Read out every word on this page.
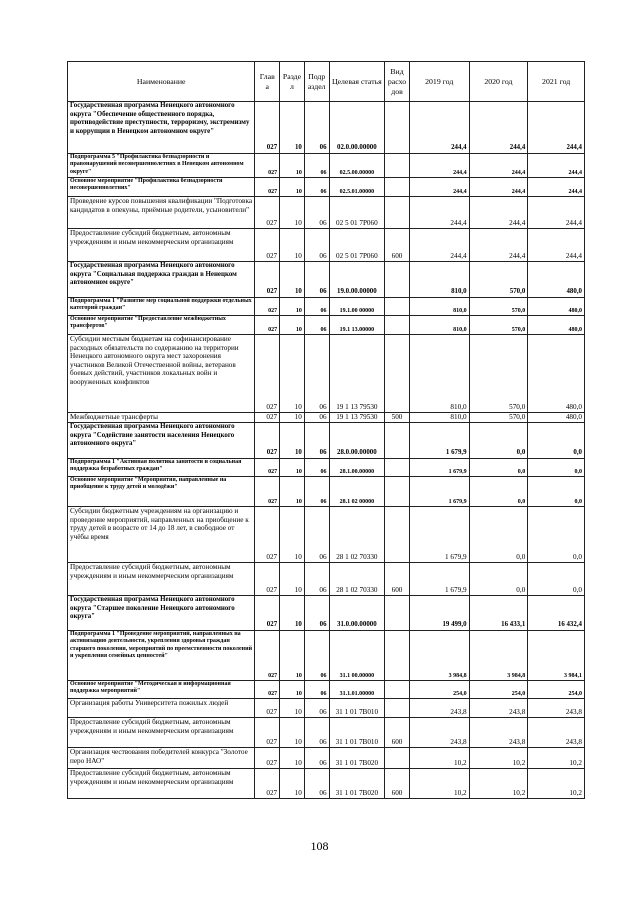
Наименование	Глав а	Разде л	Подр аздел	Целевая статья	Вид расхо дов	2019 год	2020 год	2021 год
Государственная программа Ненецкого автономного округа "Обеспечение общественного порядка, противодействие преступности, терроризму, экстремизму и коррупции в Ненецком автономном округе"	027	10	06	02.0.00.00000		244,4	244,4	244,4
Подпрограмма 5 "Профилактика безнадзорности и правонарушений несовершеннолетних в Ненецком автономном округе"	027	10	06	02.5.00.00000		244,4	244,4	244,4
Основное мероприятие "Профилактика безнадзорности несовершеннолетних"	027	10	06	02.5.01.00000		244,4	244,4	244,4
Проведение курсов повышения квалификации "Подготовка кандидатов в опекуны, приёмные родители, усыновители"	027	10	06	02 5 01 7Р060		244,4	244,4	244,4
Предоставление субсидий бюджетным, автономным учреждениям и иным некоммерческим организациям	027	10	06	02 5 01 7Р060	600	244,4	244,4	244,4
Государственная программа Ненецкого автономного округа "Социальная поддержка граждан в Ненецком автономном округе"	027	10	06	19.0.00.00000		810,0	570,0	480,0
Подпрограмма 1 "Развитие мер социальной поддержки отдельных категорий граждан"	027	10	06	19.1.00 00000		810,0	570,0	480,0
Основное мероприятие "Предоставление межбюджетных трансфертов"	027	10	06	19.1 13.00000		810,0	570,0	480,0
Субсидии местным бюджетам на софинансирование расходных обязательств по содержанию на территории Ненецкого автономного округа мест захоронения участников Великой Отечественной войны, ветеранов боевых действий, участников локальных войн и вооруженных конфликтов	027	10	06	19 1 13 79530		810,0	570,0	480,0
Межбюджетные трансферты	027	10	06	19 1 13 79530	500	810,0	570,0	480,0
Государственная программа Ненецкого автономного округа "Содействие занятости населения Ненецкого автономного округа"	027	10	06	28.0.00.00000		1 679,9	0,0	0,0
Подпрограмма 1 "Активная политика занятости и социальная поддержка безработных граждан"	027	10	06	28.1.00.00000		1 679,9	0,0	0,0
Основное мероприятие "Мероприятия, направленные на приобщение к труду детей и молодёжи"	027	10	06	28.1 02 00000		1 679,9	0,0	0,0
Субсидии бюджетным учреждениям на организацию и проведение мероприятий, направленных на приобщение к труду детей в возрасте от 14 до 18 лет, в свободное от учёбы время	027	10	06	28 1 02 70330		1 679,9	0,0	0,0
Предоставление субсидий бюджетным, автономным учреждениям и иным некоммерческим организациям	027	10	06	28 1 02 70330	600	1 679,9	0,0	0,0
Государственная программа Ненецкого автономного округа "Старшее поколение Ненецкого автономного округа"	027	10	06	31.0.00.00000		19 499,0	16 433,1	16 432,4
Подпрограмма 1 "Проведение мероприятий, направленных на активизацию деятельности, укрепления здоровья граждан старшего поколения, мероприятий по преемственности поколений и укрепления семейных ценностей"	027	10	06	31.1 00.00000		3 984,8	3 984,8	3 984,1
Основное мероприятие "Методическая и информационная поддержка мероприятий"	027	10	06	31.1.01.00000		254,0	254,0	254,0
Организация работы Университета пожилых людей	027	10	06	31 1 01 7В010		243,8	243,8	243,8
Предоставление субсидий бюджетным, автономным учреждениям и иным некоммерческим организациям	027	10	06	31 1 01 7В010	600	243,8	243,8	243,8
Организация чествования победителей конкурса "Золотое перо НАО"	027	10	06	31 1 01 7В020		10,2	10,2	10,2
Предоставление субсидий бюджетным, автономным учреждениям и иным некоммерческим организациям	027	10	06	31 1 01 7В020	600	10,2	10,2	10,2
108
